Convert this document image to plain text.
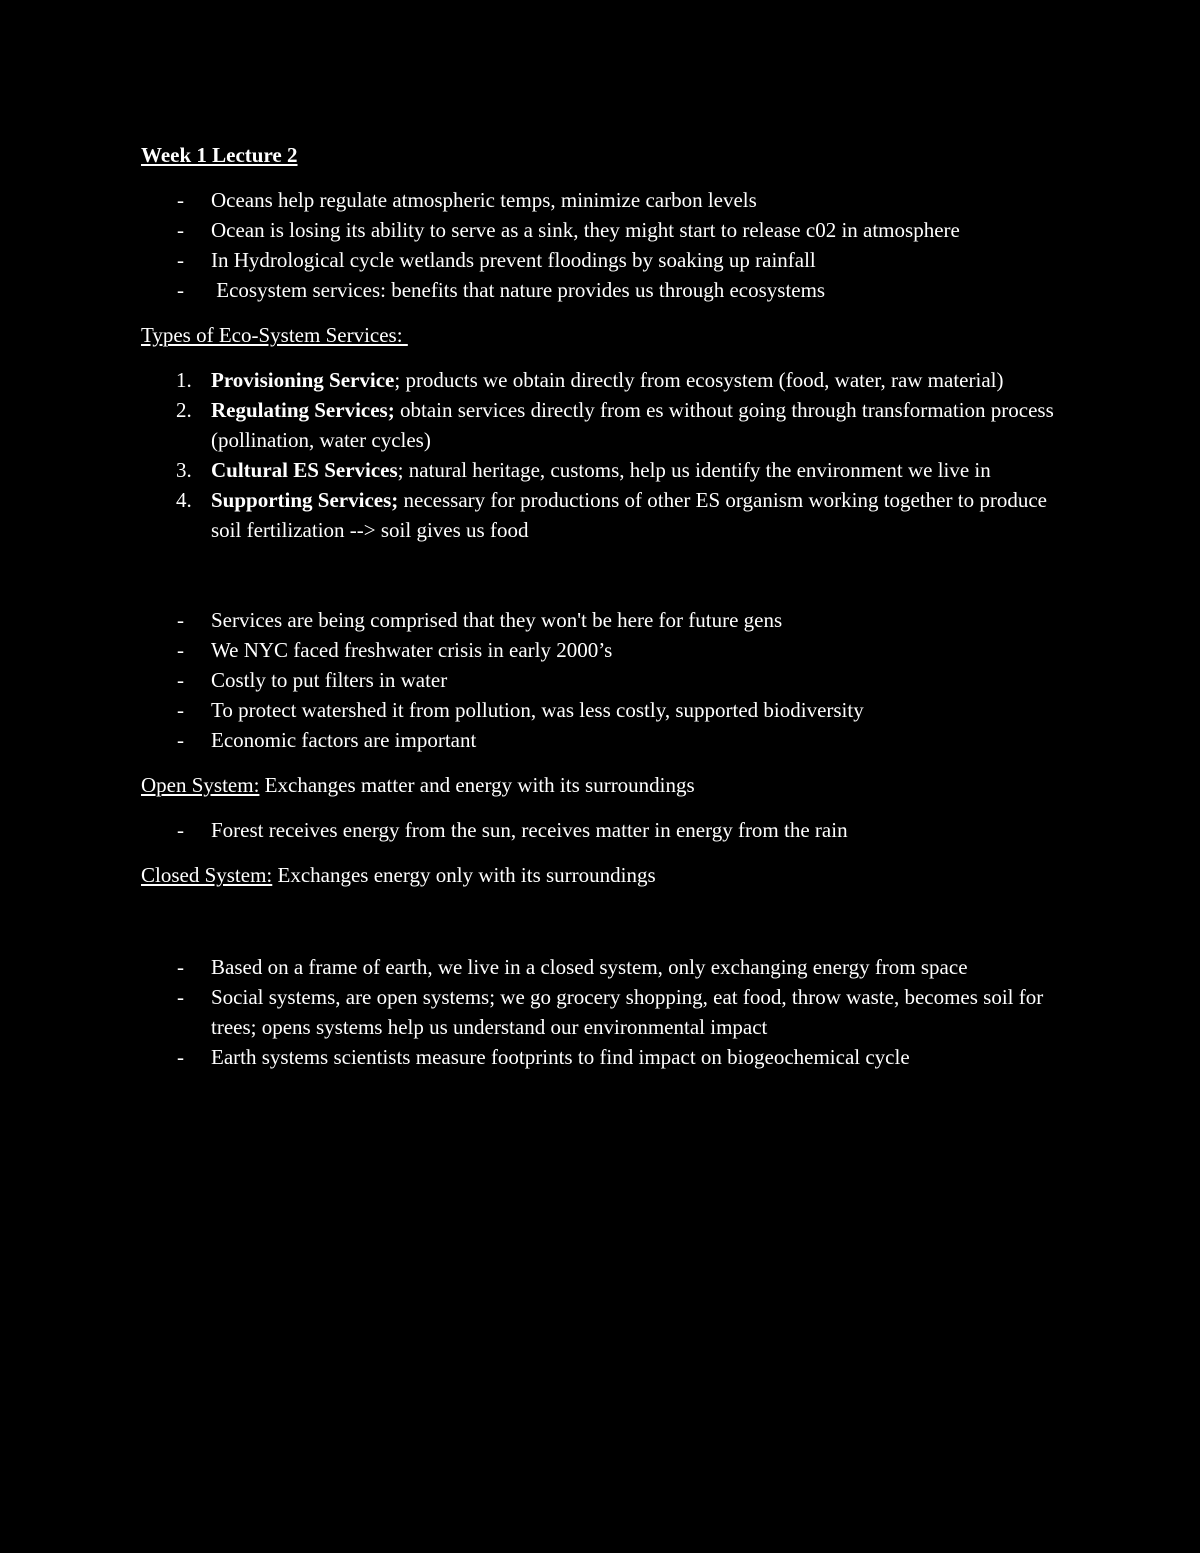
Week 1 Lecture 2
- Oceans help regulate atmospheric temps, minimize carbon levels
- Ocean is losing its ability to serve as a sink, they might start to release c02 in atmosphere
- In Hydrological cycle wetlands prevent floodings by soaking up rainfall
-  Ecosystem services: benefits that nature provides us through ecosystems
Types of Eco-System Services:
1. Provisioning Service; products we obtain directly from ecosystem (food, water, raw material)
2. Regulating Services; obtain services directly from es without going through transformation process (pollination, water cycles)
3. Cultural ES Services; natural heritage, customs, help us identify the environment we live in
4. Supporting Services; necessary for productions of other ES organism working together to produce soil fertilization --> soil gives us food
- Services are being comprised that they won't be here for future gens
- We NYC faced freshwater crisis in early 2000’s
- Costly to put filters in water
- To protect watershed it from pollution, was less costly, supported biodiversity
- Economic factors are important
Open System: Exchanges matter and energy with its surroundings
- Forest receives energy from the sun, receives matter in energy from the rain
Closed System: Exchanges energy only with its surroundings
- Based on a frame of earth, we live in a closed system, only exchanging energy from space
- Social systems, are open systems; we go grocery shopping, eat food, throw waste, becomes soil for trees; opens systems help us understand our environmental impact
- Earth systems scientists measure footprints to find impact on biogeochemical cycle
